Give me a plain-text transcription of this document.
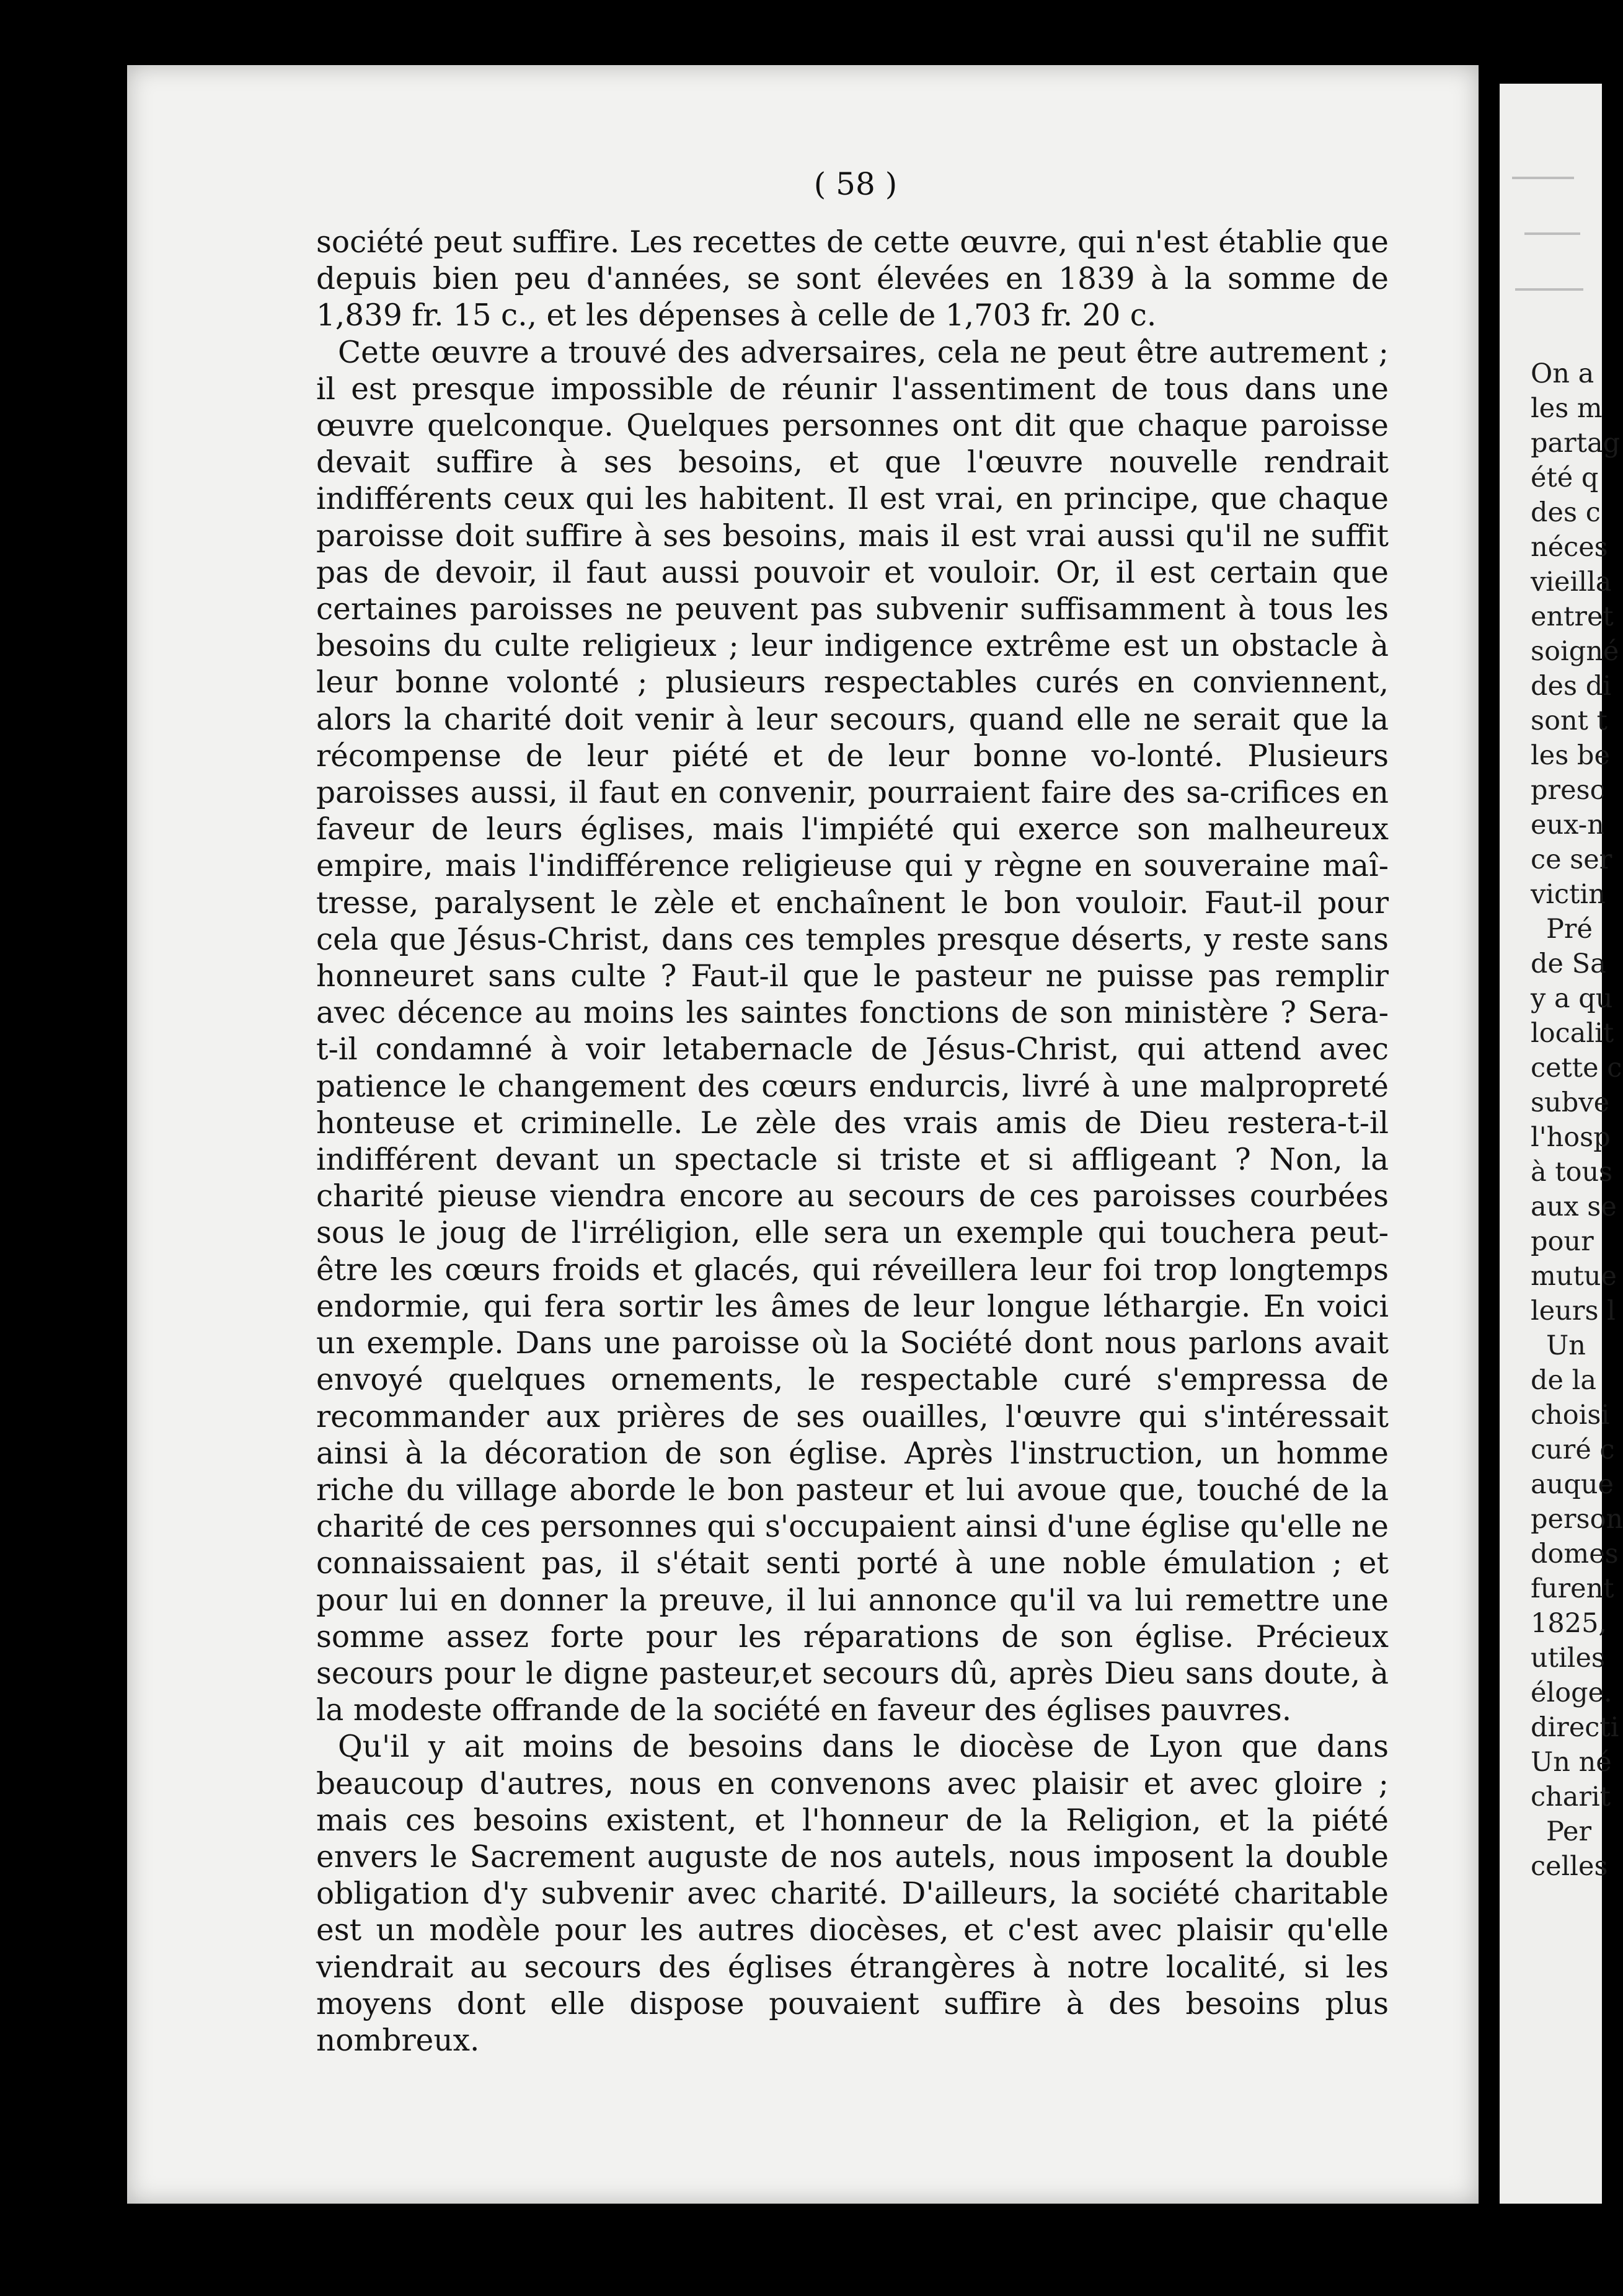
( 58 )

société peut suffire. Les recettes de cette œuvre, qui n'est établie que depuis bien peu d'années, se sont élevées en 1839 à la somme de 1,839 fr. 15 c., et les dépenses à celle de 1,703 fr. 20 c.

Cette œuvre a trouvé des adversaires, cela ne peut être autrement ; il est presque impossible de réunir l'assentiment de tous dans une œuvre quelconque. Quelques personnes ont dit que chaque paroisse devait suffire à ses besoins, et que l'œuvre nouvelle rendrait indifférents ceux qui les habitent. Il est vrai, en principe, que chaque paroisse doit suffire à ses besoins, mais il est vrai aussi qu'il ne suffit pas de devoir, il faut aussi pouvoir et vouloir. Or, il est certain que certaines paroisses ne peuvent pas subvenir suffisamment à tous les besoins du culte religieux ; leur indigence extrême est un obstacle à leur bonne volonté ; plusieurs respectables curés en conviennent, alors la charité doit venir à leur secours, quand elle ne serait que la récompense de leur piété et de leur bonne vo-lonté. Plusieurs paroisses aussi, il faut en convenir, pourraient faire des sa-crifices en faveur de leurs églises, mais l'impiété qui exerce son malheureux empire, mais l'indifférence religieuse qui y règne en souveraine maî-tresse, paralysent le zèle et enchaînent le bon vouloir. Faut-il pour cela que Jésus-Christ, dans ces temples presque déserts, y reste sans honneuret sans culte ? Faut-il que le pasteur ne puisse pas remplir avec décence au moins les saintes fonctions de son ministère ? Sera-t-il condamné à voir letabernacle de Jésus-Christ, qui attend avec patience le changement des cœurs endurcis, livré à une malpropreté honteuse et criminelle. Le zèle des vrais amis de Dieu restera-t-il indifférent devant un spectacle si triste et si affligeant ? Non, la charité pieuse viendra encore au secours de ces paroisses courbées sous le joug de l'irréligion, elle sera un exemple qui touchera peut-être les cœurs froids et glacés, qui réveillera leur foi trop longtemps endormie, qui fera sortir les âmes de leur longue léthargie. En voici un exemple. Dans une paroisse où la Société dont nous parlons avait envoyé quelques ornements, le respectable curé s'empressa de recommander aux prières de ses ouailles, l'œuvre qui s'intéressait ainsi à la décoration de son église. Après l'instruction, un homme riche du village aborde le bon pasteur et lui avoue que, touché de la charité de ces personnes qui s'occupaient ainsi d'une église qu'elle ne connaissaient pas, il s'était senti porté à une noble émulation ; et pour lui en donner la preuve, il lui annonce qu'il va lui remettre une somme assez forte pour les réparations de son église. Précieux secours pour le digne pasteur,et secours dû, après Dieu sans doute, à la modeste offrande de la société en faveur des églises pauvres.

Qu'il y ait moins de besoins dans le diocèse de Lyon que dans beaucoup d'autres, nous en convenons avec plaisir et avec gloire ; mais ces besoins existent, et l'honneur de la Religion, et la piété envers le Sacrement auguste de nos autels, nous imposent la double obligation d'y subvenir avec charité. D'ailleurs, la société charitable est un modèle pour les autres diocèses, et c'est avec plaisir qu'elle viendrait au secours des églises étrangères à notre localité, si les moyens dont elle dispose pouvaient suffire à des besoins plus nombreux.

On a
les m
partag
été q
des c
néces
vieilla
entret
soigné
des di
sont t
les be
presc
eux-n
ce ser
victin
Pré
de Sa
y a qu
localit
cette c
subve
l'hosp
à tous
aux se
pour
mutue
leurs l
Un
de la
choisi
curé c
auque
person
domes
furent
1825,
utiles
éloge.
directi
Un né
charit
Per
celles
